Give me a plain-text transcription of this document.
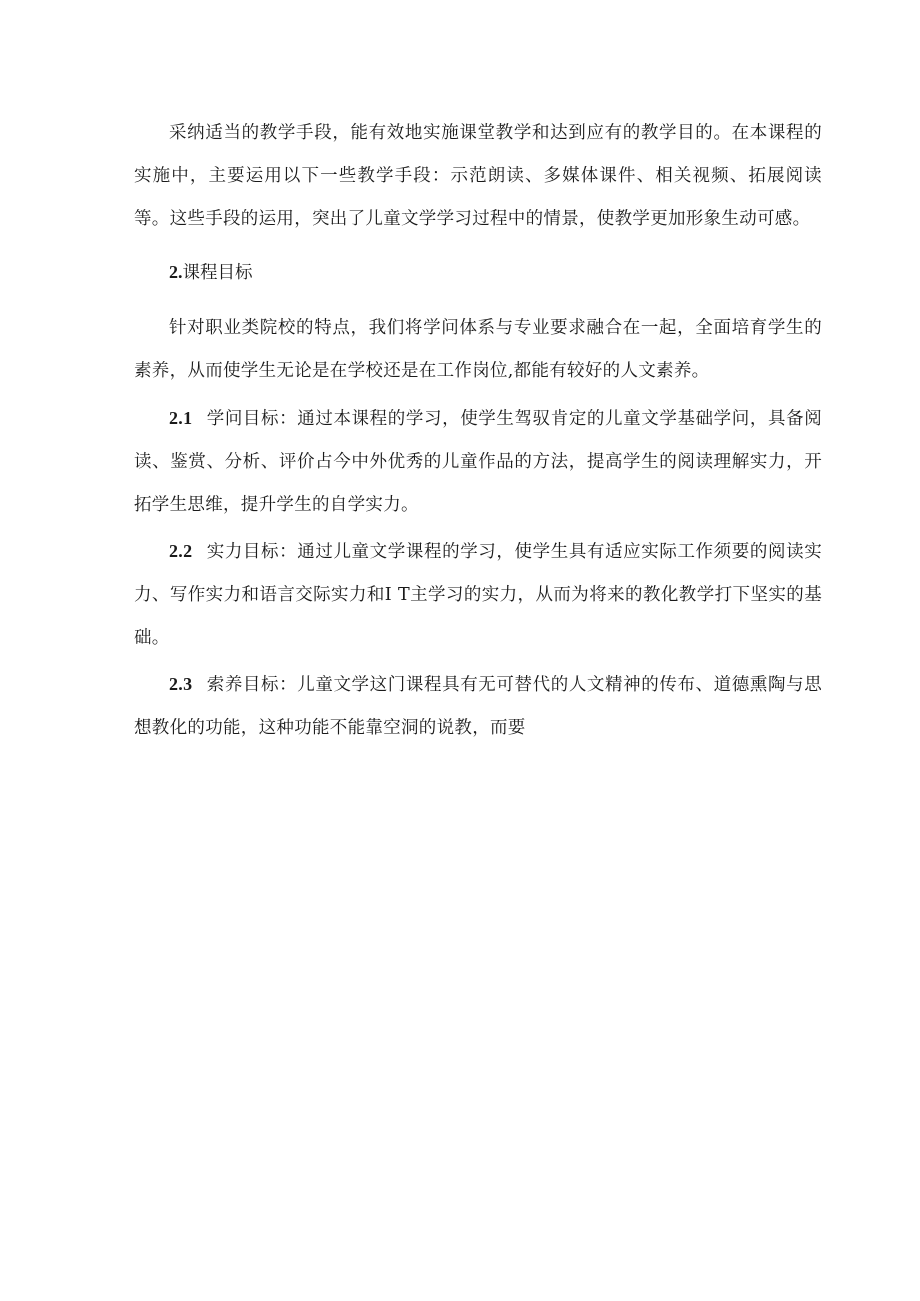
采纳适当的教学手段，能有效地实施课堂教学和达到应有的教学目的。在本课程的实施中，主要运用以下一些教学手段：示范朗读、多媒体课件、相关视频、拓展阅读等。这些手段的运用，突出了儿童文学学习过程中的情景，使教学更加形象生动可感。

2.课程目标

针对职业类院校的特点，我们将学问体系与专业要求融合在一起，全面培育学生的素养，从而使学生无论是在学校还是在工作岗位,都能有较好的人文素养。

2.1 学问目标：通过本课程的学习，使学生驾驭肯定的儿童文学基础学问，具备阅读、鉴赏、分析、评价占今中外优秀的儿童作品的方法，提高学生的阅读理解实力，开拓学生思维，提升学生的自学实力。

2.2 实力目标：通过儿童文学课程的学习，使学生具有适应实际工作须要的阅读实力、写作实力和语言交际实力和I T主学习的实力，从而为将来的教化教学打下坚实的基础。

2.3 索养目标：儿童文学这门课程具有无可替代的人文精神的传布、道德熏陶与思想教化的功能，这种功能不能靠空洞的说教，而要
